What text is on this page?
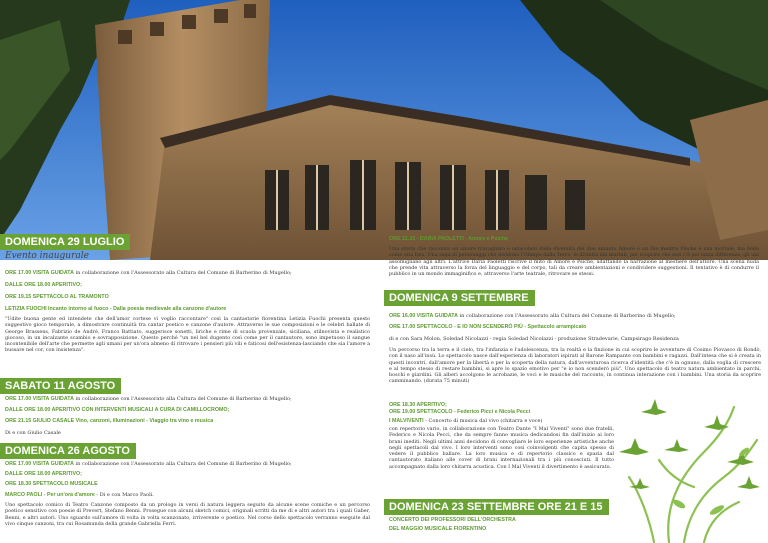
DOMENICA 29 LUGLIO
Evento inaugurale
ORE 17.00 VISITA GUIDATA in collaborazione con l'Assessorato alla Cultura del Comune di Barberino di Mugello;
DALLE ORE 18.00 APERITIVO;
ORE 19.15 SPETTACOLO AL TRAMONTO
LETIZIA FUOCHI Incanto intorno al fuoco - Dalla poesia medievale alla canzone d'autore
"Udite buona gente ed intendete che dell'amor cortese vi voglio raccontare" così la cantastorie fiorentina Letizia Fuochi presenta questo suggestivo gioco temporale, a dimostrare continuità tra cantar poetico e canzone d'autore. Attraverso le sue composizioni e le celebri ballate di George Brassens, Fabrizio de André, Franco Battiato, suggerisce sonetti, liriche e rime di scuola provenzale, siciliana, stilnovista e realistico giocoso, in un incalzante scambio e sovrapposizione. Questo perché "un nel bel dugento così come per il cantautore, sono impetuoso il sangue incontenibile dell'arte che permette agli umani per un'ora almeno di ritrovare i pensieri più vili e faticosi dell'esistenza-lasciando che sia l'amore a bussare nel cor, con insistenza".
SABATO 11 AGOSTO
ORE 17.00 VISITA GUIDATA in collaborazione con l'Assessorato alla Cultura del Comune di Barberino di Mugello;
DALLE ORE 18.00 APERITIVO CON INTERVENTI MUSICALI A CURA DI CAMILLOCROMO;
ORE 21.15 GIULIO CASALE Vino, canzoni, illuminazioni - Viaggio tra vino e musica
Di e con Giulio Casale
DOMENICA 26 AGOSTO
ORE 17.00 VISITA GUIDATA in collaborazione con l'Assessorato alla Cultura del Comune di Barberino di Mugello;
DALLE ORE 18.00 APERITIVO;
ORE 18.30 SPETTACOLO MUSICALE
MARCO PAOLI - Per un'ora d'amore - Di e con Marco Paoli.
Uno spettacolo comico di Teatro Canzone composto da un prologo in versi di natura leggera seguito da alcune scene comiche e un percorso poetico sensitivo con poesie di Prevert, Stefano Benni. Prosegue con alcuni sketch comici, originali scritti da me di e altri autori tra i quali Gaber, Benni, e altri autori. Uno sguardo sull'amore di volta in volta scanzonato, irriverente o poetico. Nel corso dello spettacolo verranno eseguite dal vivo cinque canzoni, tra cui Rosamunda della grande Gabriella Ferri.
ORE 21.15 - DARIA PAOLETTI - Amore e Psiche
Una storia che racconta un amore travagliato e ostacolato dalla diversità dei due amanti: Amore è un Dio mentre Psiche è una mortale, ma bella come una Dea. Una saga di personaggi che dividono l'Olimpo dalla Terra, le divinità dai mortali, per scoprire che non c'è poi tanta differenza, gli uni assomigliano agli altri. L'attrice Daria Paoletti riscrive il mito di Amore e Psiche, adattando la narrazione al mestiere dell'attore. Una scena nuda che prende vita attraverso la forza del linguaggio e del corpo, tali da creare ambientazioni e condividere suggestioni. Il tentativo è di condurre il pubblico in un mondo immaginifico e, attraverso l'arte teatrale, ritrovare se stessi.
DOMENICA 9 SETTEMBRE
ORE 16.00 VISITA GUIDATA in collaborazione con l'Assessorato alla Cultura del Comune di Barberino di Mugello;
ORE 17.00 SPETTACOLO - E IO NON SCENDERÒ PIÙ - Spettacolo arrampicato
di e con Sara Molon, Soledad Nicolazzi - regia Soledad Nicolazzi - produzione Stradevarie, Campsirago Residenza
Un percorso tra la terra e il cielo, tra l'infanzia e l'adolescenza, tra la realtà e la finzione in cui scoprire le avventure di Cosimo Piovasco di Rondò, con il naso all'insù. Lo spettacolo nasce dall'esperienza di laboratori ispirati al Barone Rampante con bambini e ragazzi. Dall'intesa che si è creata in questi incontri, dall'amore per la libertà e per la scoperta della natura, dall'avventurosa ricerca d'identità che c'è in ognuno, dalla voglia di crescere e al tempo stesso di restare bambini, si apre lo spazio emotivo per "e io non scenderò più". Uno spettacolo di teatro natura ambientato in parchi, boschi e giardini. Gli alberi accolgono le acrobazie, le voci e le musiche del racconto, in continua interazione con i bambini. Una storia da scoprire camminando. (durata 75 minuti)
ORE 18.30 APERITIVO;
ORE 19.00 SPETTACOLO - Federico Picci e Nicola Pecci
I MALVIVENTI - Concerto di musica dal vivo (chitarra e voce)
con repertorio vario, in collaborazione con Teatro Dante "I Mal Viventi" sono due fratelli, Federico e Nicola Pecci, che da sempre fanno musica dedicandosi fin dall'inizio ai loro brani inediti. Negli ultimi anni decidono di convogliare le loro esperienze artistiche anche negli spettacoli dal vivo. I loro interventi sono così coinvolgenti che capita spesso di vedere il pubblico ballare. La loro musica e di repertorio classico e spazia dal cantautorato italiano alle cover di brani internazionali tra i più conosciuti. Il tutto accompagnato dalla loro chitarra acustica. Con I Mal Viventi il divertimento è assicurato.
DOMENICA 23 SETTEMBRE ORE 21 E 15
CONCERTO DEI PROFESSORI DELL'ORCHESTRA
DEL MAGGIO MUSICALE FIORENTINO
